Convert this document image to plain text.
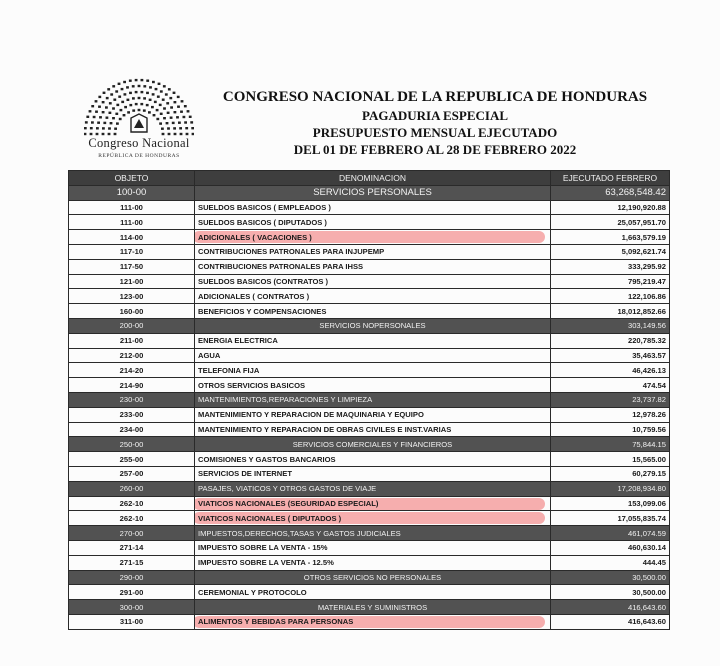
Congreso Nacional
REPÚBLICA DE HONDURAS
CONGRESO NACIONAL DE LA REPUBLICA DE HONDURAS
PAGADURIA ESPECIAL
PRESUPUESTO MENSUAL EJECUTADO
DEL 01 DE FEBRERO AL 28 DE FEBRERO 2022
OBJETO	DENOMINACION	EJECUTADO FEBRERO
100-00	SERVICIOS PERSONALES	63,268,548.42
111-00	SUELDOS BASICOS ( EMPLEADOS )	12,190,920.88
111-00	SUELDOS BASICOS ( DIPUTADOS )	25,057,951.70
114-00	ADICIONALES ( VACACIONES )	1,663,579.19
117-10	CONTRIBUCIONES PATRONALES PARA INJUPEMP	5,092,621.74
117-50	CONTRIBUCIONES PATRONALES PARA IHSS	333,295.92
121-00	SUELDOS BASICOS (CONTRATOS )	795,219.47
123-00	ADICIONALES ( CONTRATOS )	122,106.86
160-00	BENEFICIOS Y COMPENSACIONES	18,012,852.66
200-00	SERVICIOS NOPERSONALES	303,149.56
211-00	ENERGIA ELECTRICA	220,785.32
212-00	AGUA	35,463.57
214-20	TELEFONIA FIJA	46,426.13
214-90	OTROS SERVICIOS BASICOS	474.54
230-00	MANTENIMIENTOS,REPARACIONES Y LIMPIEZA	23,737.82
233-00	MANTENIMIENTO Y REPARACION DE MAQUINARIA Y EQUIPO	12,978.26
234-00	MANTENIMIENTO Y REPARACION DE OBRAS CIVILES E INST.VARIAS	10,759.56
250-00	SERVICIOS COMERCIALES Y FINANCIEROS	75,844.15
255-00	COMISIONES Y GASTOS BANCARIOS	15,565.00
257-00	SERVICIOS DE INTERNET	60,279.15
260-00	PASAJES, VIATICOS Y OTROS GASTOS DE VIAJE	17,208,934.80
262-10	VIATICOS NACIONALES (SEGURIDAD ESPECIAL)	153,099.06
262-10	VIATICOS NACIONALES ( DIPUTADOS )	17,055,835.74
270-00	IMPUESTOS,DERECHOS,TASAS Y GASTOS JUDICIALES	461,074.59
271-14	IMPUESTO SOBRE LA VENTA - 15%	460,630.14
271-15	IMPUESTO SOBRE LA VENTA - 12.5%	444.45
290-00	OTROS SERVICIOS NO PERSONALES	30,500.00
291-00	CEREMONIAL Y PROTOCOLO	30,500.00
300-00	MATERIALES Y SUMINISTROS	416,643.60
311-00	ALIMENTOS Y BEBIDAS PARA PERSONAS	416,643.60
